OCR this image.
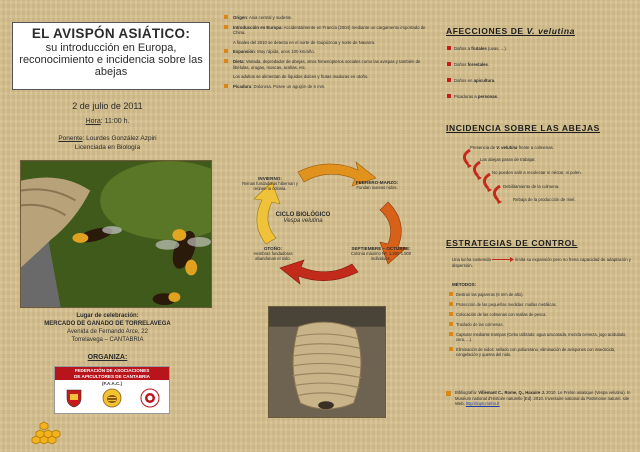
EL AVISPÓN ASIÁTICO:
su introducción en Europa, reconocimiento e incidencia sobre las abejas
2 de julio de 2011
Hora: 11:00 h.
Ponente: Lourdes González Azpiri
Licenciada en Biología
Lugar de celebración:
MERCADO DE GANADO DE TORRELAVEGA
Avenida de Fernando Arce, 22
Torrelavega – CANTABRIA
ORGANIZA:
FEDERACIÓN DE ASOCIACIONES
DE APICULTORES DE CANTABRIA
(F.A.A.C.)

Origen: Asia central y sudeste.

Introducción en Europa: Accidentalmente en Francia (2004) mediante un cargamento importado de China.

A finales del 2010 se detecta en el norte de Guipúzcoa y norte de Navarra.

Expansión: Muy rápida, unos 100 km/año.

Dieta: Variada, depredador de abejas, otros himenópteros sociales como las avispas y también de libélulas, orugas, moscas, arañas, etc.

Los adultos se alimentan de líquidos dulces y frutas maduras en otoño.

Picadura: Dolorosa. Posee un aguijón de 6 mm.

INVIERNO:
Reinas fundadoras hibernan y reúnen la colonia.
FEBRERO-MARZO:
Fundan nuevos nidos.
CICLO BIOLÓGICO
Vespa velutina
OTOÑO:
Hembras fundadoras abandonan el nido.
SEPTIEMBRE – OCTUBRE:
Colonia máximo Nº: 1.200-1.800 individuos.
AFECCIONES DE V. velutina
Daños a frutales (uvas, ...).
Daños forestales.
Daños en apicultura.
Picaduras a personas.
INCIDENCIA SOBRE LAS ABEJAS
Presencia de V. velutina frente a colmenas.
Las abejas paran de trabajar.
No pueden salir a recolectar ni néctar, ni polen.
Debilitamiento de la colmena.
Rebaja de la producción de miel.
ESTRATEGIAS DE CONTROL
Una lucha sostenida	limita su expansión pero no frena capacidad de adaptación y dispersión.
MÉTODOS:
Destruir las pajareras (6 mm de alto).
Protección de las pequeñas medidas: mallas metálicas.
Colocación de las colmenas con mallas de pesca.
Traslado de las colmenas.
Capturar mediante trampas (Cebo utilizado: agua azucarada, mezcla cerveza, jugo acidulado, cera, ...).
Eliminación de nidos: sellado con poliuretano, eliminación de avispones con insecticida, congelación y quema del nido.
Bibliografía: Villemant C., Rome, Q., Haxaire J. 2010. Le Frelon asiatique (Vespa velutina). In Muséum national d'Histoire naturelle [Ed]. 2010. Inventaire national du Patrimoine naturel. site Web. http://inpn.mnhn.fr
